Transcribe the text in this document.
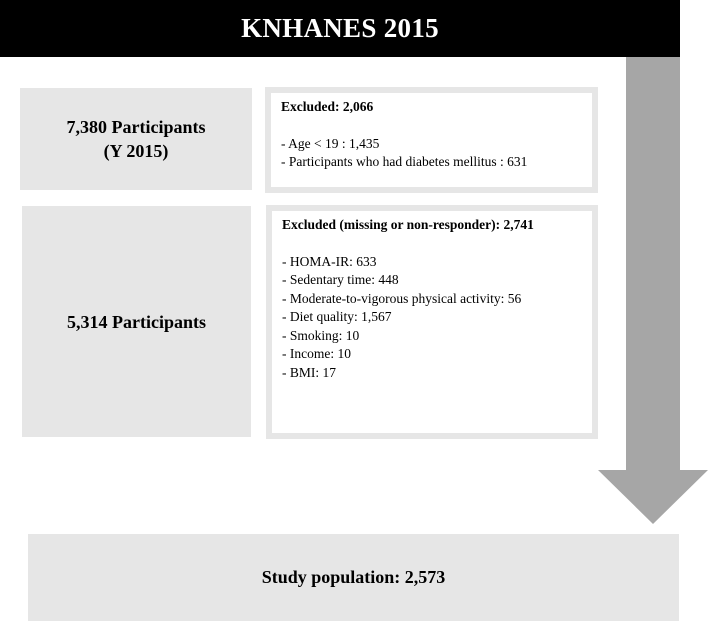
KNHANES 2015
7,380 Participants
(Y 2015)
Excluded: 2,066
- Age < 19 : 1,435
- Participants who had diabetes mellitus : 631
5,314 Participants
Excluded (missing or non-responder): 2,741
- HOMA-IR: 633
- Sedentary time: 448
- Moderate-to-vigorous physical activity: 56
- Diet quality: 1,567
- Smoking: 10
- Income: 10
- BMI: 17
Study population: 2,573
